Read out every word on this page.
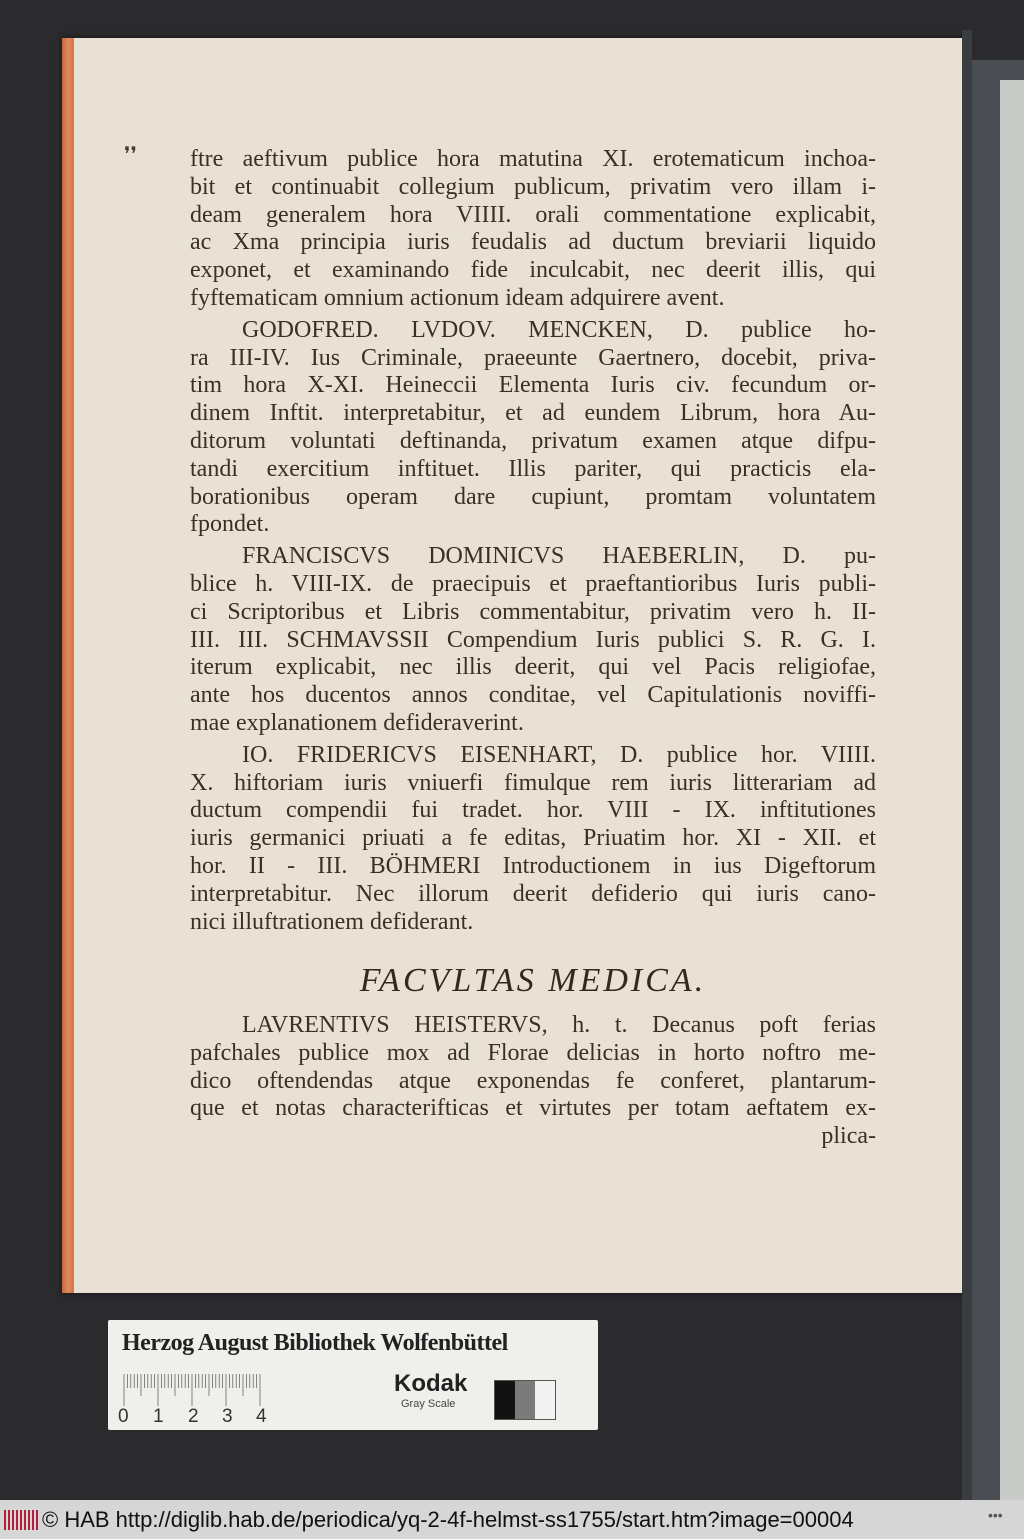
❜❜ ftre aeftivum publice hora matutina XI. erotematicum inchoa-
bit et continuabit collegium publicum, privatim vero illam i-
deam generalem hora VIIII. orali commentatione explicabit,
ac Xma principia iuris feudalis ad ductum breviarii liquido
exponet, et examinando fide inculcabit, nec deerit illis, qui
fyftematicam omnium actionum ideam adquirere avent.
GODOFRED. LVDOV. MENCKEN, D. publice ho-
ra III-IV. Ius Criminale, praeeunte Gaertnero, docebit, priva-
tim hora X-XI. Heineccii Elementa Iuris civ. fecundum or-
dinem Inftit. interpretabitur, et ad eundem Librum, hora Au-
ditorum voluntati deftinanda, privatum examen atque difpu-
tandi exercitium inftituet. Illis pariter, qui practicis ela-
borationibus operam dare cupiunt, promtam voluntatem
fpondet.
FRANCISCVS DOMINICVS HAEBERLIN, D. pu-
blice h. VIII-IX. de praecipuis et praeftantioribus Iuris publi-
ci Scriptoribus et Libris commentabitur, privatim vero h. II-
III. III. SCHMAVSSII Compendium Iuris publici S. R. G. I.
iterum explicabit, nec illis deerit, qui vel Pacis religiofae,
ante hos ducentos annos conditae, vel Capitulationis noviffi-
mae explanationem defideraverint.
IO. FRIDERICVS EISENHART, D. publice hor. VIIII.
X. hiftoriam iuris vniuerfi fimulque rem iuris litterariam ad
ductum compendii fui tradet. hor. VIII - IX. inftitutiones
iuris germanici priuati a fe editas, Priuatim hor. XI - XII. et
hor. II - III. BÖHMERI Introductionem in ius Digeftorum
interpretabitur. Nec illorum deerit defiderio qui iuris cano-
nici illuftrationem defiderant.
FACVLTAS MEDICA.
LAVRENTIVS HEISTERVS, h. t. Decanus poft ferias
pafchales publice mox ad Florae delicias in horto noftro me-
dico oftendendas atque exponendas fe conferet, plantarum-
que et notas characterifticas et virtutes per totam aeftatem ex-
plica-
Herzog August Bibliothek Wolfenbüttel
0 1 2 3 4
Kodak
Gray Scale
© HAB http://diglib.hab.de/periodica/yq-2-4f-helmst-ss1755/start.htm?image=00004	•••
